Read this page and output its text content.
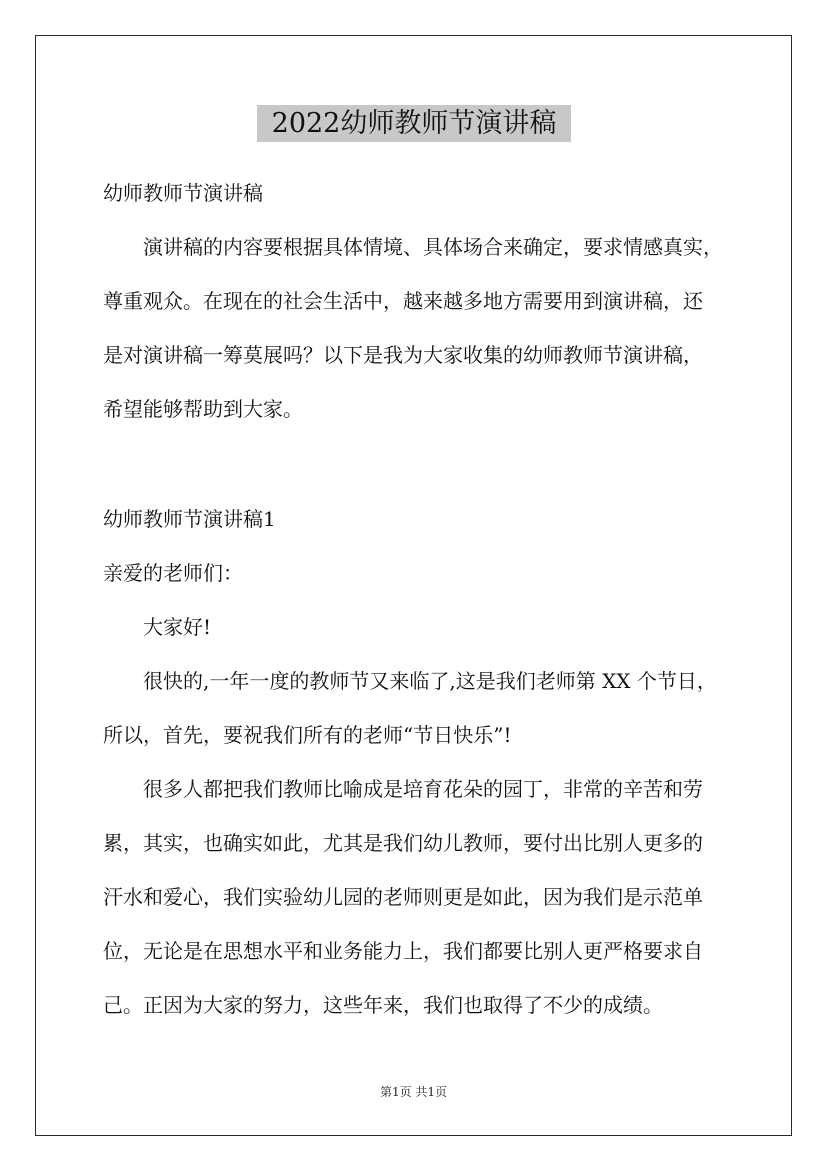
2022幼师教师节演讲稿
幼师教师节演讲稿
演讲稿的内容要根据具体情境、具体场合来确定，要求情感真实，
尊重观众。在现在的社会生活中，越来越多地方需要用到演讲稿，还
是对演讲稿一筹莫展吗？以下是我为大家收集的幼师教师节演讲稿，
希望能够帮助到大家。
幼师教师节演讲稿1
亲爱的老师们：
大家好!
很快的,一年一度的教师节又来临了,这是我们老师第 XX 个节日，
所以，首先，要祝我们所有的老师“节日快乐”!
很多人都把我们教师比喻成是培育花朵的园丁，非常的辛苦和劳
累，其实，也确实如此，尤其是我们幼儿教师，要付出比别人更多的
汗水和爱心，我们实验幼儿园的老师则更是如此，因为我们是示范单
位，无论是在思想水平和业务能力上，我们都要比别人更严格要求自
己。正因为大家的努力，这些年来，我们也取得了不少的成绩。
第1页 共1页
